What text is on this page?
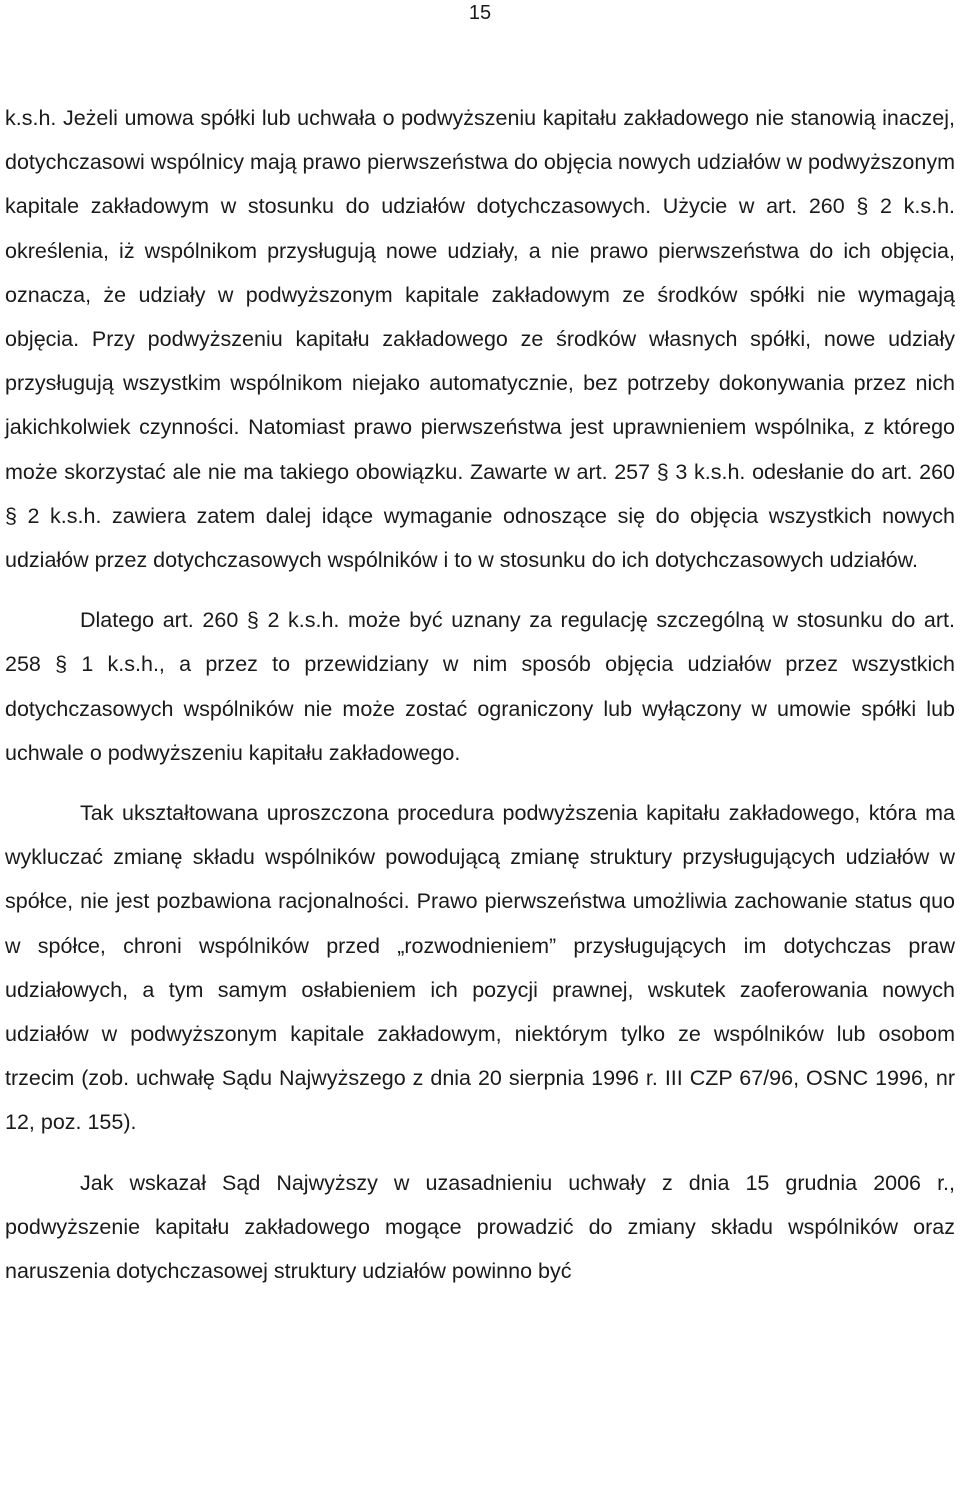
15

k.s.h. Jeżeli umowa spółki lub uchwała o podwyższeniu kapitału zakładowego nie stanowią inaczej, dotychczasowi wspólnicy mają prawo pierwszeństwa do objęcia nowych udziałów w podwyższonym kapitale zakładowym w stosunku do udziałów dotychczasowych. Użycie w art. 260 § 2 k.s.h. określenia, iż wspólnikom przysługują nowe udziały, a nie prawo pierwszeństwa do ich objęcia, oznacza, że udziały w podwyższonym kapitale zakładowym ze środków spółki nie wymagają objęcia. Przy podwyższeniu kapitału zakładowego ze środków własnych spółki, nowe udziały przysługują wszystkim wspólnikom niejako automatycznie, bez potrzeby dokonywania przez nich jakichkolwiek czynności. Natomiast prawo pierwszeństwa jest uprawnieniem wspólnika, z którego może skorzystać ale nie ma takiego obowiązku. Zawarte w art. 257 § 3 k.s.h. odesłanie do art. 260 § 2 k.s.h. zawiera zatem dalej idące wymaganie odnoszące się do objęcia wszystkich nowych udziałów przez dotychczasowych wspólników i to w stosunku do ich dotychczasowych udziałów.

Dlatego art. 260 § 2 k.s.h. może być uznany za regulację szczególną w stosunku do art. 258 § 1 k.s.h., a przez to przewidziany w nim sposób objęcia udziałów przez wszystkich dotychczasowych wspólników nie może zostać ograniczony lub wyłączony w umowie spółki lub uchwale o podwyższeniu kapitału zakładowego.

Tak ukształtowana uproszczona procedura podwyższenia kapitału zakładowego, która ma wykluczać zmianę składu wspólników powodującą zmianę struktury przysługujących udziałów w spółce, nie jest pozbawiona racjonalności. Prawo pierwszeństwa umożliwia zachowanie status quo w spółce, chroni wspólników przed „rozwodnieniem” przysługujących im dotychczas praw udziałowych, a tym samym osłabieniem ich pozycji prawnej, wskutek zaoferowania nowych udziałów w podwyższonym kapitale zakładowym, niektórym tylko ze wspólników lub osobom trzecim (zob. uchwałę Sądu Najwyższego z dnia 20 sierpnia 1996 r. III CZP 67/96, OSNC 1996, nr 12, poz. 155).

Jak wskazał Sąd Najwyższy w uzasadnieniu uchwały z dnia 15 grudnia 2006 r., podwyższenie kapitału zakładowego mogące prowadzić do zmiany składu wspólników oraz naruszenia dotychczasowej struktury udziałów powinno być
